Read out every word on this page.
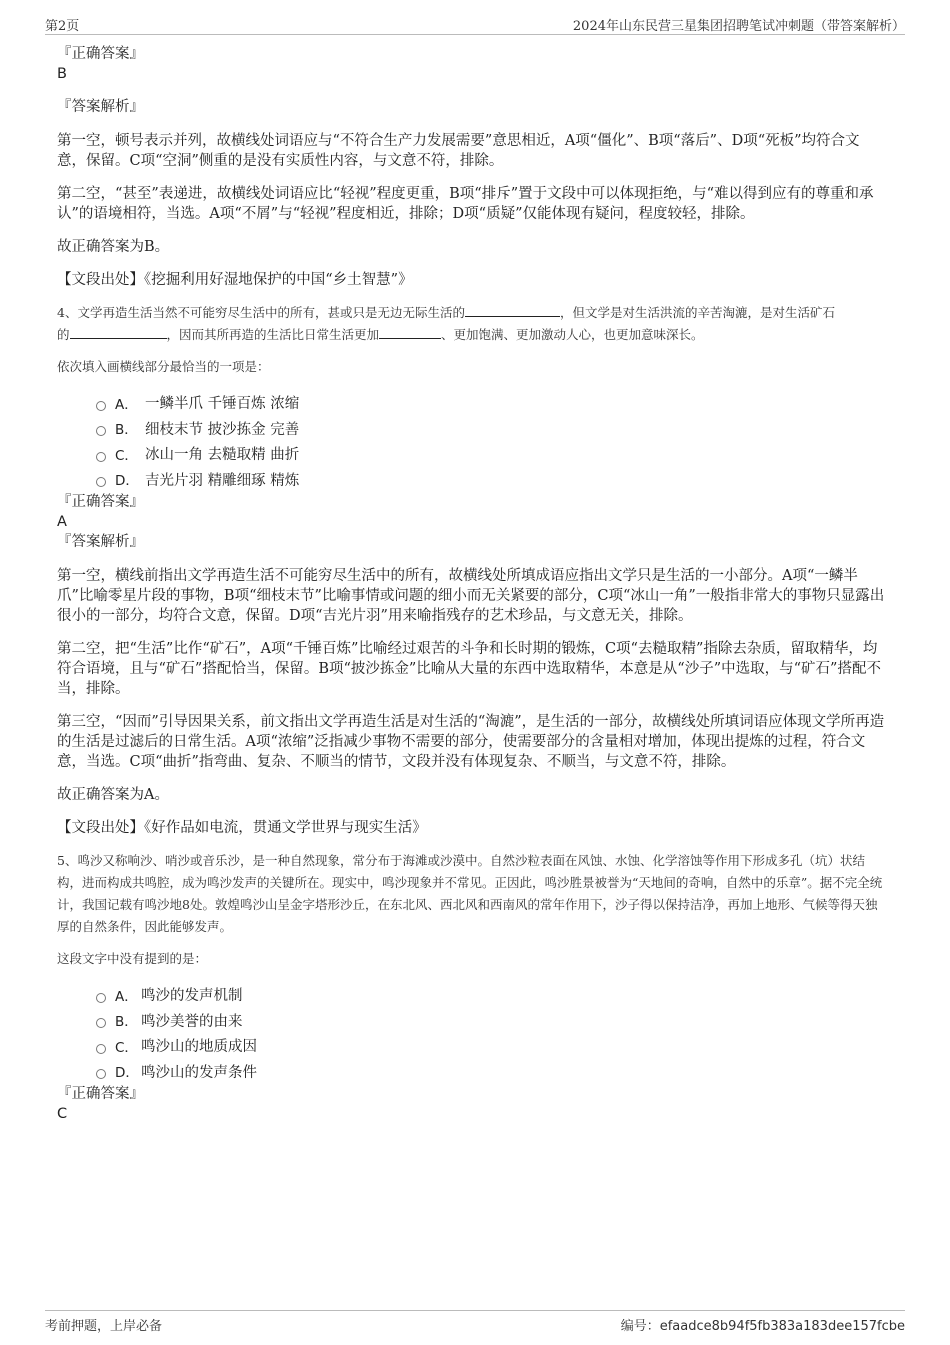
第2页	2024年山东民营三星集团招聘笔试冲刺题（带答案解析）
『正确答案』
B
『答案解析』

第一空，顿号表示并列，故横线处词语应与“不符合生产力发展需要”意思相近，A项“僵化”、B项“落后”、D项“死板”均符合文意，保留。C项“空洞”侧重的是没有实质性内容，与文意不符，排除。

第二空，“甚至”表递进，故横线处词语应比“轻视”程度更重，B项“排斥”置于文段中可以体现拒绝，与“难以得到应有的尊重和承认”的语境相符，当选。A项“不屑”与“轻视”程度相近，排除；D项“质疑”仅能体现有疑问，程度较轻，排除。

故正确答案为B。

【文段出处】《挖掘利用好湿地保护的中国“乡土智慧”》

4、文学再造生活当然不可能穷尽生活中的所有，甚或只是无边无际生活的	，但文学是对生活洪流的辛苦淘漉，是对生活矿石
的	，因而其所再造的生活比日常生活更加	、更加饱满、更加激动人心，也更加意味深长。

依次填入画横线部分最恰当的一项是：

A． 一鳞半爪 千锤百炼 浓缩
B． 细枝末节 披沙拣金 完善
C． 冰山一角 去糙取精 曲折
D． 吉光片羽 精雕细琢 精炼
『正确答案』
A
『答案解析』

第一空，横线前指出文学再造生活不可能穷尽生活中的所有，故横线处所填成语应指出文学只是生活的一小部分。A项“一鳞半爪”比喻零星片段的事物，B项“细枝末节”比喻事情或问题的细小而无关紧要的部分，C项“冰山一角”一般指非常大的事物只显露出很小的一部分，均符合文意，保留。D项“吉光片羽”用来喻指残存的艺术珍品，与文意无关，排除。

第二空，把“生活”比作“矿石”，A项“千锤百炼”比喻经过艰苦的斗争和长时期的锻炼，C项“去糙取精”指除去杂质，留取精华，均符合语境，且与“矿石”搭配恰当，保留。B项“披沙拣金”比喻从大量的东西中选取精华，本意是从“沙子”中选取，与“矿石”搭配不当，排除。

第三空，“因而”引导因果关系，前文指出文学再造生活是对生活的“淘漉”，是生活的一部分，故横线处所填词语应体现文学所再造的生活是过滤后的日常生活。A项“浓缩”泛指减少事物不需要的部分，使需要部分的含量相对增加，体现出提炼的过程，符合文意，当选。C项“曲折”指弯曲、复杂、不顺当的情节，文段并没有体现复杂、不顺当，与文意不符，排除。

故正确答案为A。

【文段出处】《好作品如电流，贯通文学世界与现实生活》

5、鸣沙又称响沙、哨沙或音乐沙，是一种自然现象，常分布于海滩或沙漠中。自然沙粒表面在风蚀、水蚀、化学溶蚀等作用下形成多孔（坑）状结构，进而构成共鸣腔，成为鸣沙发声的关键所在。现实中，鸣沙现象并不常见。正因此，鸣沙胜景被誉为“天地间的奇响，自然中的乐章”。据不完全统计，我国记载有鸣沙地8处。敦煌鸣沙山呈金字塔形沙丘，在东北风、西北风和西南风的常年作用下，沙子得以保持洁净，再加上地形、气候等得天独厚的自然条件，因此能够发声。

这段文字中没有提到的是：

A． 鸣沙的发声机制
B． 鸣沙美誉的由来
C． 鸣沙山的地质成因
D． 鸣沙山的发声条件
『正确答案』
C
考前押题，上岸必备	编号：efaadce8b94f5fb383a183dee157fcbe
